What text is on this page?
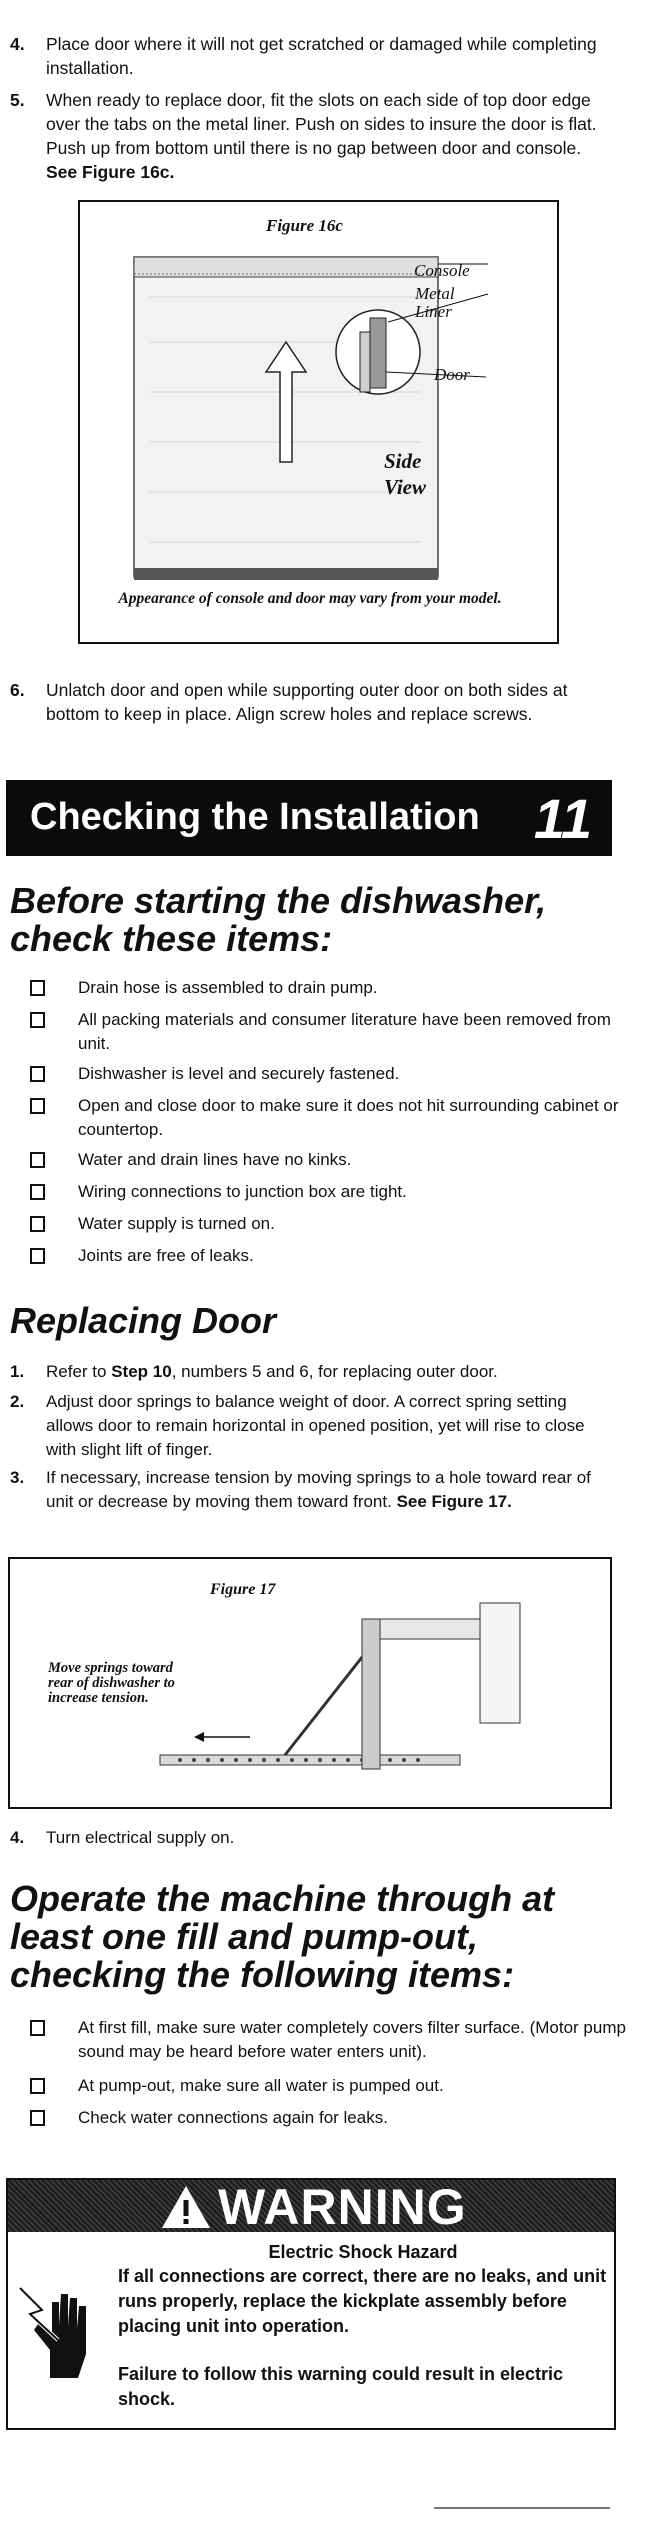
4. Place door where it will not get scratched or damaged while completing installation.
5. When ready to replace door, fit the slots on each side of top door edge over the tabs on the metal liner. Push on sides to insure the door is flat. Push up from bottom until there is no gap between door and console. See Figure 16c.
Figure 16c
Console
Metal Liner
Door
Side View
Appearance of console and door may vary from your model.
6. Unlatch door and open while supporting outer door on both sides at bottom to keep in place. Align screw holes and replace screws.
Checking the Installation 11
Before starting the dishwasher, check these items:
Drain hose is assembled to drain pump.
All packing materials and consumer literature have been removed from unit.
Dishwasher is level and securely fastened.
Open and close door to make sure it does not hit surrounding cabinet or countertop.
Water and drain lines have no kinks.
Wiring connections to junction box are tight.
Water supply is turned on.
Joints are free of leaks.
Replacing Door
1. Refer to Step 10, numbers 5 and 6, for replacing outer door.
2. Adjust door springs to balance weight of door. A correct spring setting allows door to remain horizontal in opened position, yet will rise to close with slight lift of finger.
3. If necessary, increase tension by moving springs to a hole toward rear of unit or decrease by moving them toward front. See Figure 17.
Figure 17
Move springs toward rear of dishwasher to increase tension.
4. Turn electrical supply on.
Operate the machine through at least one fill and pump-out, checking the following items:
At first fill, make sure water completely covers filter surface. (Motor pump sound may be heard before water enters unit).
At pump-out, make sure all water is pumped out.
Check water connections again for leaks.
WARNING
Electric Shock Hazard
If all connections are correct, there are no leaks, and unit runs properly, replace the kickplate assembly before placing unit into operation.
Failure to follow this warning could result in electric shock.
